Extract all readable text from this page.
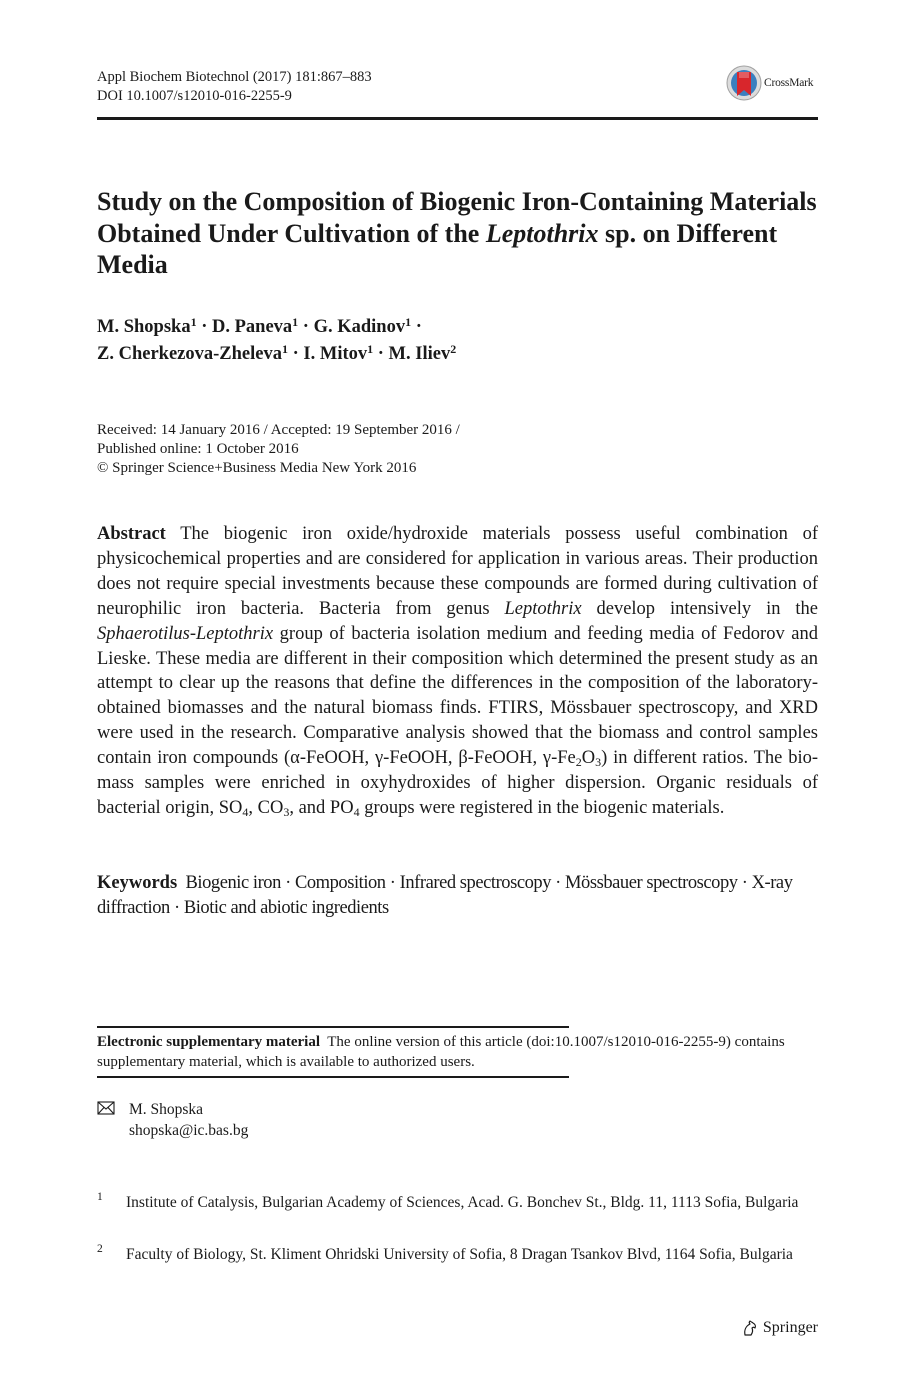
Appl Biochem Biotechnol (2017) 181:867–883
DOI 10.1007/s12010-016-2255-9
CrossMark
Study on the Composition of Biogenic Iron-Containing Materials Obtained Under Cultivation of the Leptothrix sp. on Different Media
M. Shopska$^1$ · D. Paneva$^1$ · G. Kadinov$^1$ ·
Z. Cherkezova-Zheleva$^1$ · I. Mitov$^1$ · M. Iliev$^2$
Received: 14 January 2016 / Accepted: 19 September 2016 /
Published online: 1 October 2016
© Springer Science+Business Media New York 2016

Abstract The biogenic iron oxide/hydroxide materials possess useful combination of physicochemical properties and are considered for application in various areas. Their production does not require special investments because these compounds are formed during cultivation of neurophilic iron bacteria. Bacteria from genus Leptothrix develop intensively in the Sphaerotilus-Leptothrix group of bacteria isolation medium and feeding media of Fedorov and Lieske. These media are different in their composition which determined the present study as an attempt to clear up the reasons that define the differences in the composition of the laboratory-obtained biomasses and the natural biomass finds. FTIRS, Mössbauer spectroscopy, and XRD were used in the research. Comparative analysis showed that the biomass and control samples contain iron compounds (α-FeOOH, γ-FeOOH, β-FeOOH, $\gamma-Fe_2O_3$) in different ratios. The bio-mass samples were enriched in oxyhydroxides of higher dispersion. Organic residuals of bacterial origin, $SO_4$, $CO_3$, and $PO_4$ groups were registered in the biogenic materials.

Keywords Biogenic iron · Composition · Infrared spectroscopy · Mössbauer spectroscopy · X-ray diffraction · Biotic and abiotic ingredients

Electronic supplementary material The online version of this article (doi:10.1007/s12010-016-2255-9) contains supplementary material, which is available to authorized users.

M. Shopska
shopska@ic.bas.bg
1 Institute of Catalysis, Bulgarian Academy of Sciences, Acad. G. Bonchev St., Bldg. 11, 1113 Sofia, Bulgaria
2 Faculty of Biology, St. Kliment Ohridski University of Sofia, 8 Dragan Tsankov Blvd, 1164 Sofia, Bulgaria
Springer
